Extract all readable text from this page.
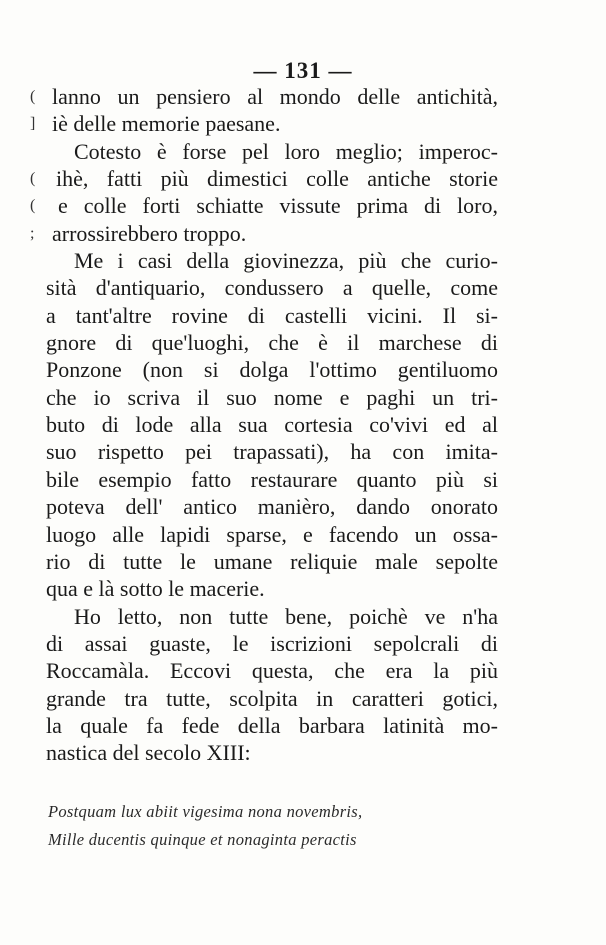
— 131 —
(
]
(
(
;
lanno un pensiero al mondo delle antichità,
iè delle memorie paesane.
Cotesto è forse pel loro meglio; imperoc-
ihè, fatti più dimestici colle antiche storie
e colle forti schiatte vissute prima di loro,
arrossirebbero troppo.
Me i casi della giovinezza, più che curio-
sità d'antiquario, condussero a quelle, come
a tant'altre rovine di castelli vicini. Il si-
gnore di que'luoghi, che è il marchese di
Ponzone (non si dolga l'ottimo gentiluomo
che io scriva il suo nome e paghi un tri-
buto di lode alla sua cortesia co'vivi ed al
suo rispetto pei trapassati), ha con imita-
bile esempio fatto restaurare quanto più si
poteva dell' antico manièro, dando onorato
luogo alle lapidi sparse, e facendo un ossa-
rio di tutte le umane reliquie male sepolte
qua e là sotto le macerie.
Ho letto, non tutte bene, poichè ve n'ha
di assai guaste, le iscrizioni sepolcrali di
Roccamàla. Eccovi questa, che era la più
grande tra tutte, scolpita in caratteri gotici,
la quale fa fede della barbara latinità mo-
nastica del secolo XIII:
Postquam lux abiit vigesima nona novembris,
Mille ducentis quinque et nonaginta peractis
